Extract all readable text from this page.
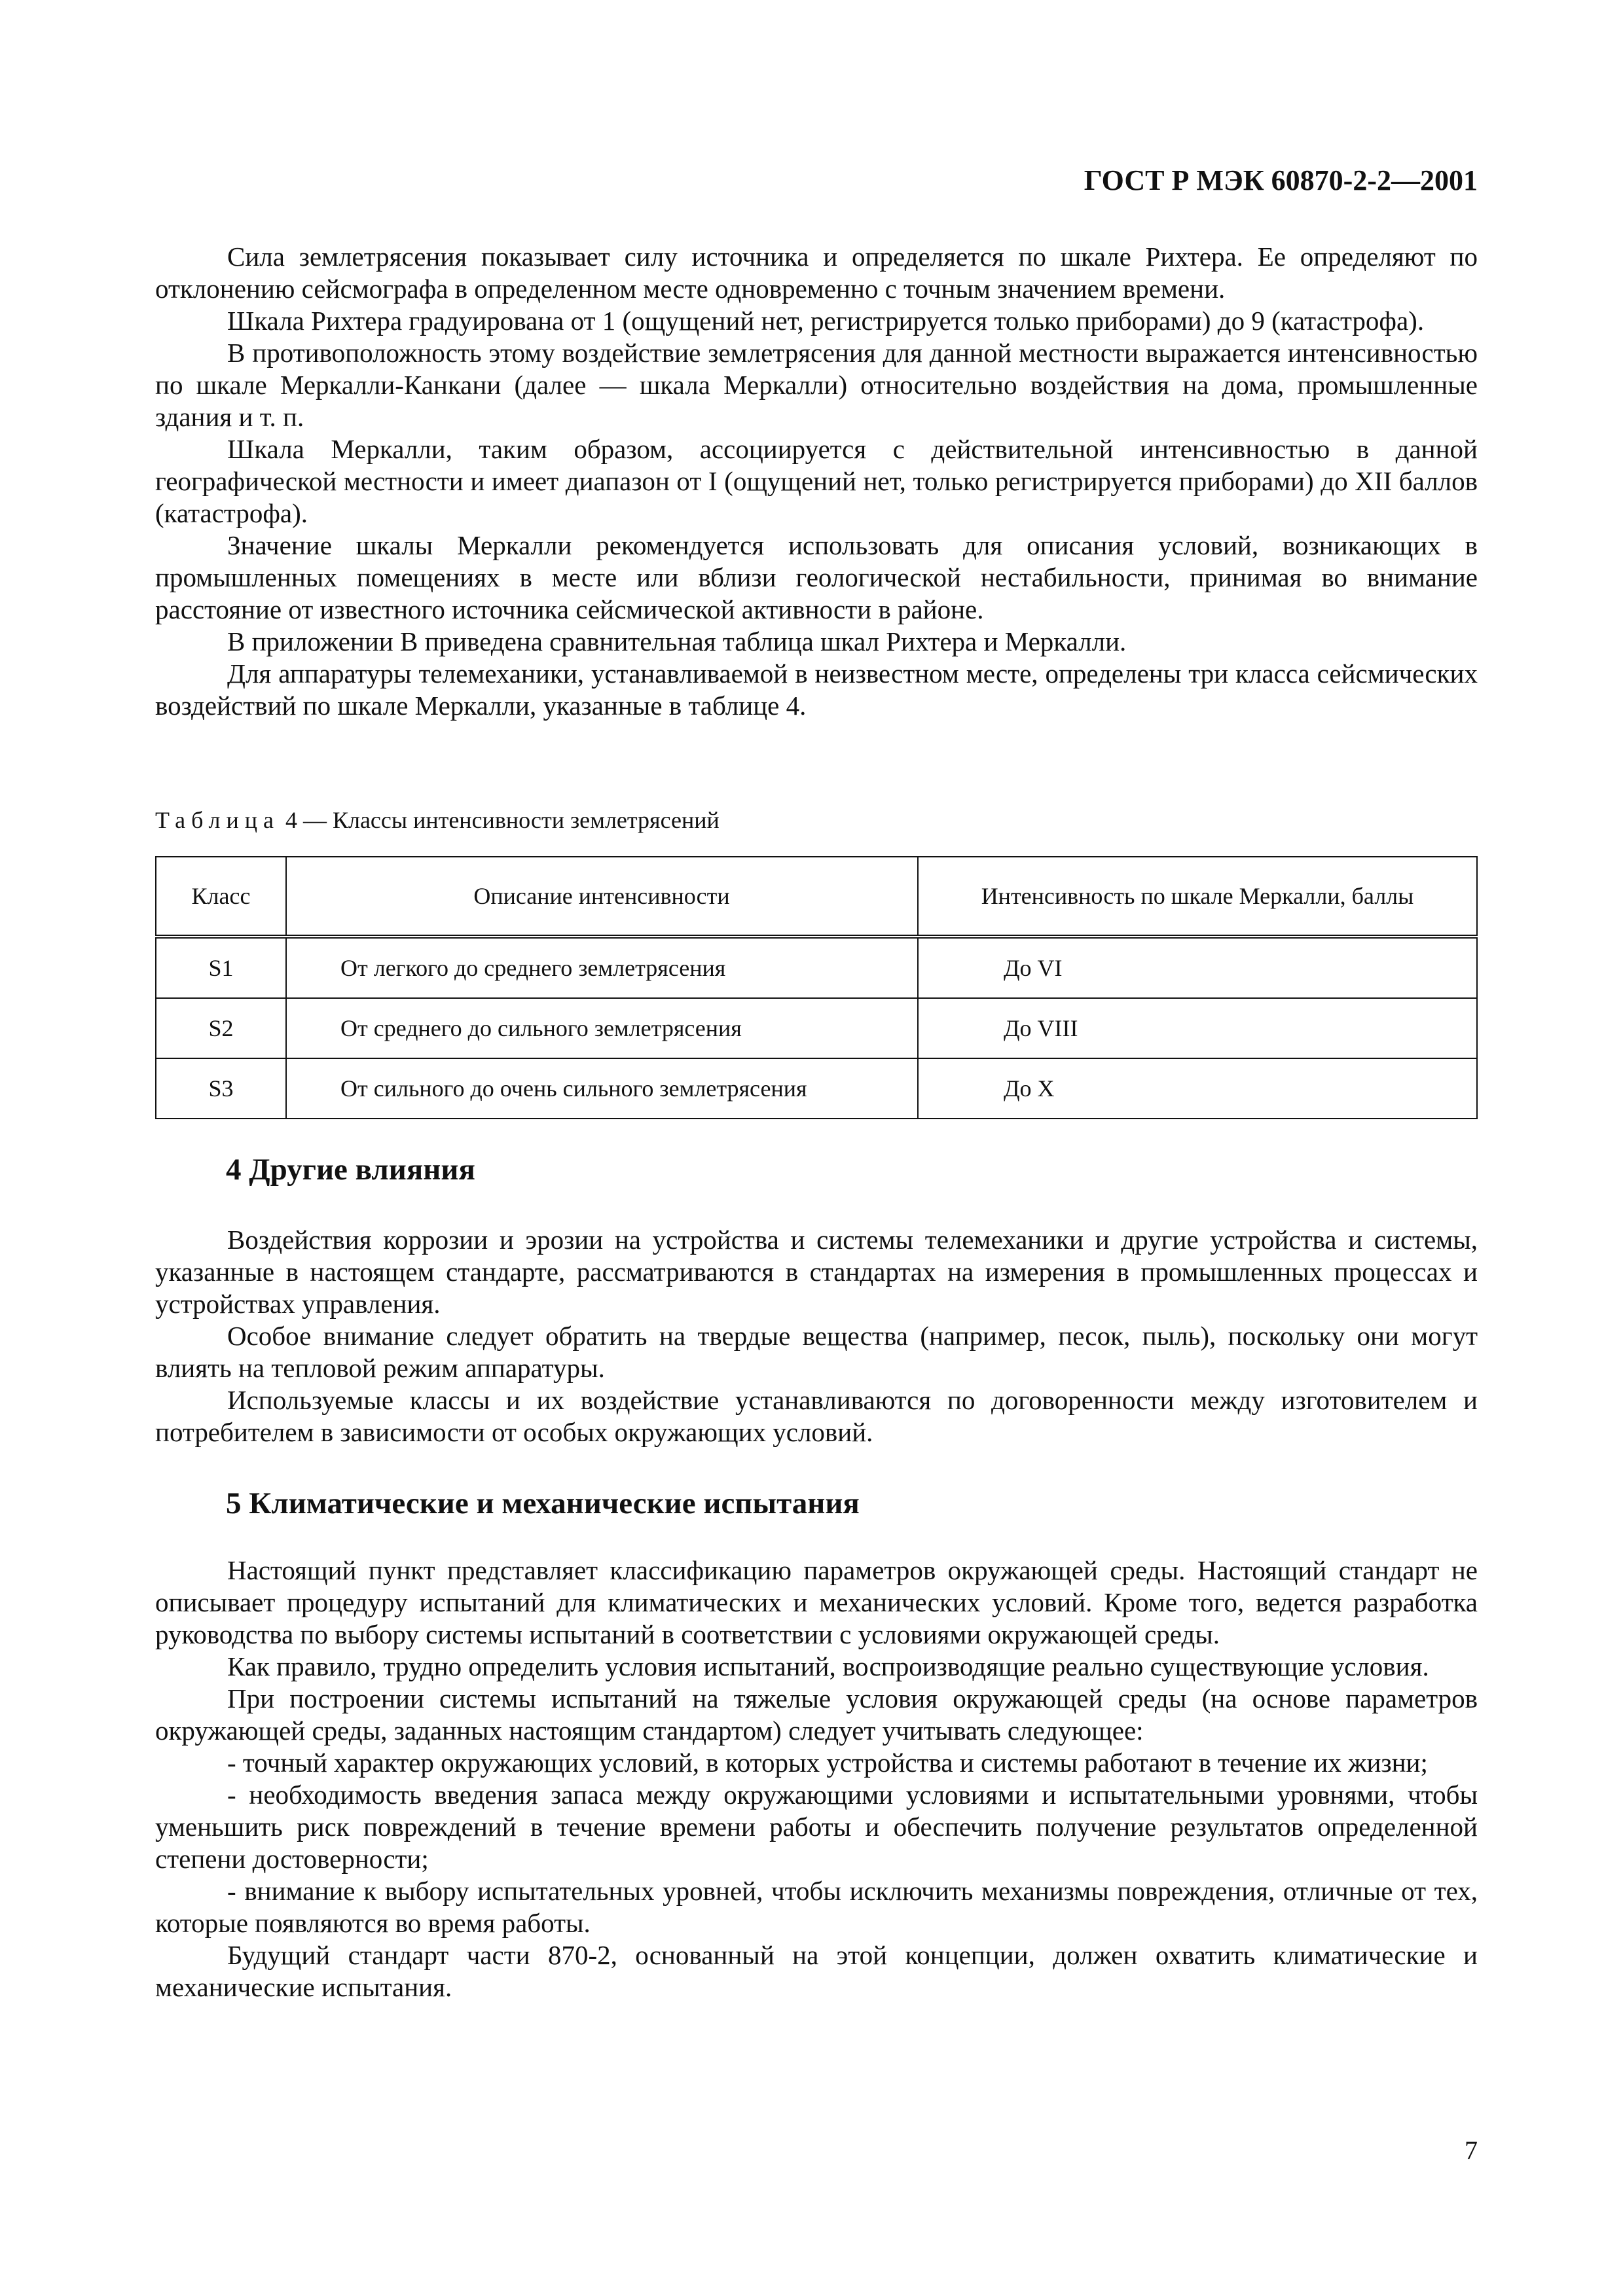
ГОСТ Р МЭК 60870-2-2—2001

Сила землетрясения показывает силу источника и определяется по шкале Рихтера. Ее определяют по отклонению сейсмографа в определенном месте одновременно с точным значением времени.

Шкала Рихтера градуирована от 1 (ощущений нет, регистрируется только приборами) до 9 (катастрофа).

В противоположность этому воздействие землетрясения для данной местности выражается интенсивностью по шкале Меркалли-Канкани (далее — шкала Меркалли) относительно воздействия на дома, промышленные здания и т. п.

Шкала Меркалли, таким образом, ассоциируется с действительной интенсивностью в данной географической местности и имеет диапазон от I (ощущений нет, только регистрируется приборами) до XII баллов (катастрофа).

Значение шкалы Меркалли рекомендуется использовать для описания условий, возникающих в промышленных помещениях в месте или вблизи геологической нестабильности, принимая во внимание расстояние от известного источника сейсмической активности в районе.

В приложении В приведена сравнительная таблица шкал Рихтера и Меркалли.

Для аппаратуры телемеханики, устанавливаемой в неизвестном месте, определены три класса сейсмических воздействий по шкале Меркалли, указанные в таблице 4.

Таблица 4 — Классы интенсивности землетрясений
Класс	Описание интенсивности	Интенсивность по шкале Меркалли, баллы
S1	От легкого до среднего землетрясения	До VI
S2	От среднего до сильного землетрясения	До VIII
S3	От сильного до очень сильного землетрясения	До X
4 Другие влияния

Воздействия коррозии и эрозии на устройства и системы телемеханики и другие устройства и системы, указанные в настоящем стандарте, рассматриваются в стандартах на измерения в промышленных процессах и устройствах управления.

Особое внимание следует обратить на твердые вещества (например, песок, пыль), поскольку они могут влиять на тепловой режим аппаратуры.

Используемые классы и их воздействие устанавливаются по договоренности между изготовителем и потребителем в зависимости от особых окружающих условий.

5 Климатические и механические испытания

Настоящий пункт представляет классификацию параметров окружающей среды. Настоящий стандарт не описывает процедуру испытаний для климатических и механических условий. Кроме того, ведется разработка руководства по выбору системы испытаний в соответствии с условиями окружающей среды.

Как правило, трудно определить условия испытаний, воспроизводящие реально существующие условия.

При построении системы испытаний на тяжелые условия окружающей среды (на основе параметров окружающей среды, заданных настоящим стандартом) следует учитывать следующее:

- точный характер окружающих условий, в которых устройства и системы работают в течение их жизни;

- необходимость введения запаса между окружающими условиями и испытательными уровнями, чтобы уменьшить риск повреждений в течение времени работы и обеспечить получение результатов определенной степени достоверности;

- внимание к выбору испытательных уровней, чтобы исключить механизмы повреждения, отличные от тех, которые появляются во время работы.

Будущий стандарт части 870-2, основанный на этой концепции, должен охватить климатические и механические испытания.

7
